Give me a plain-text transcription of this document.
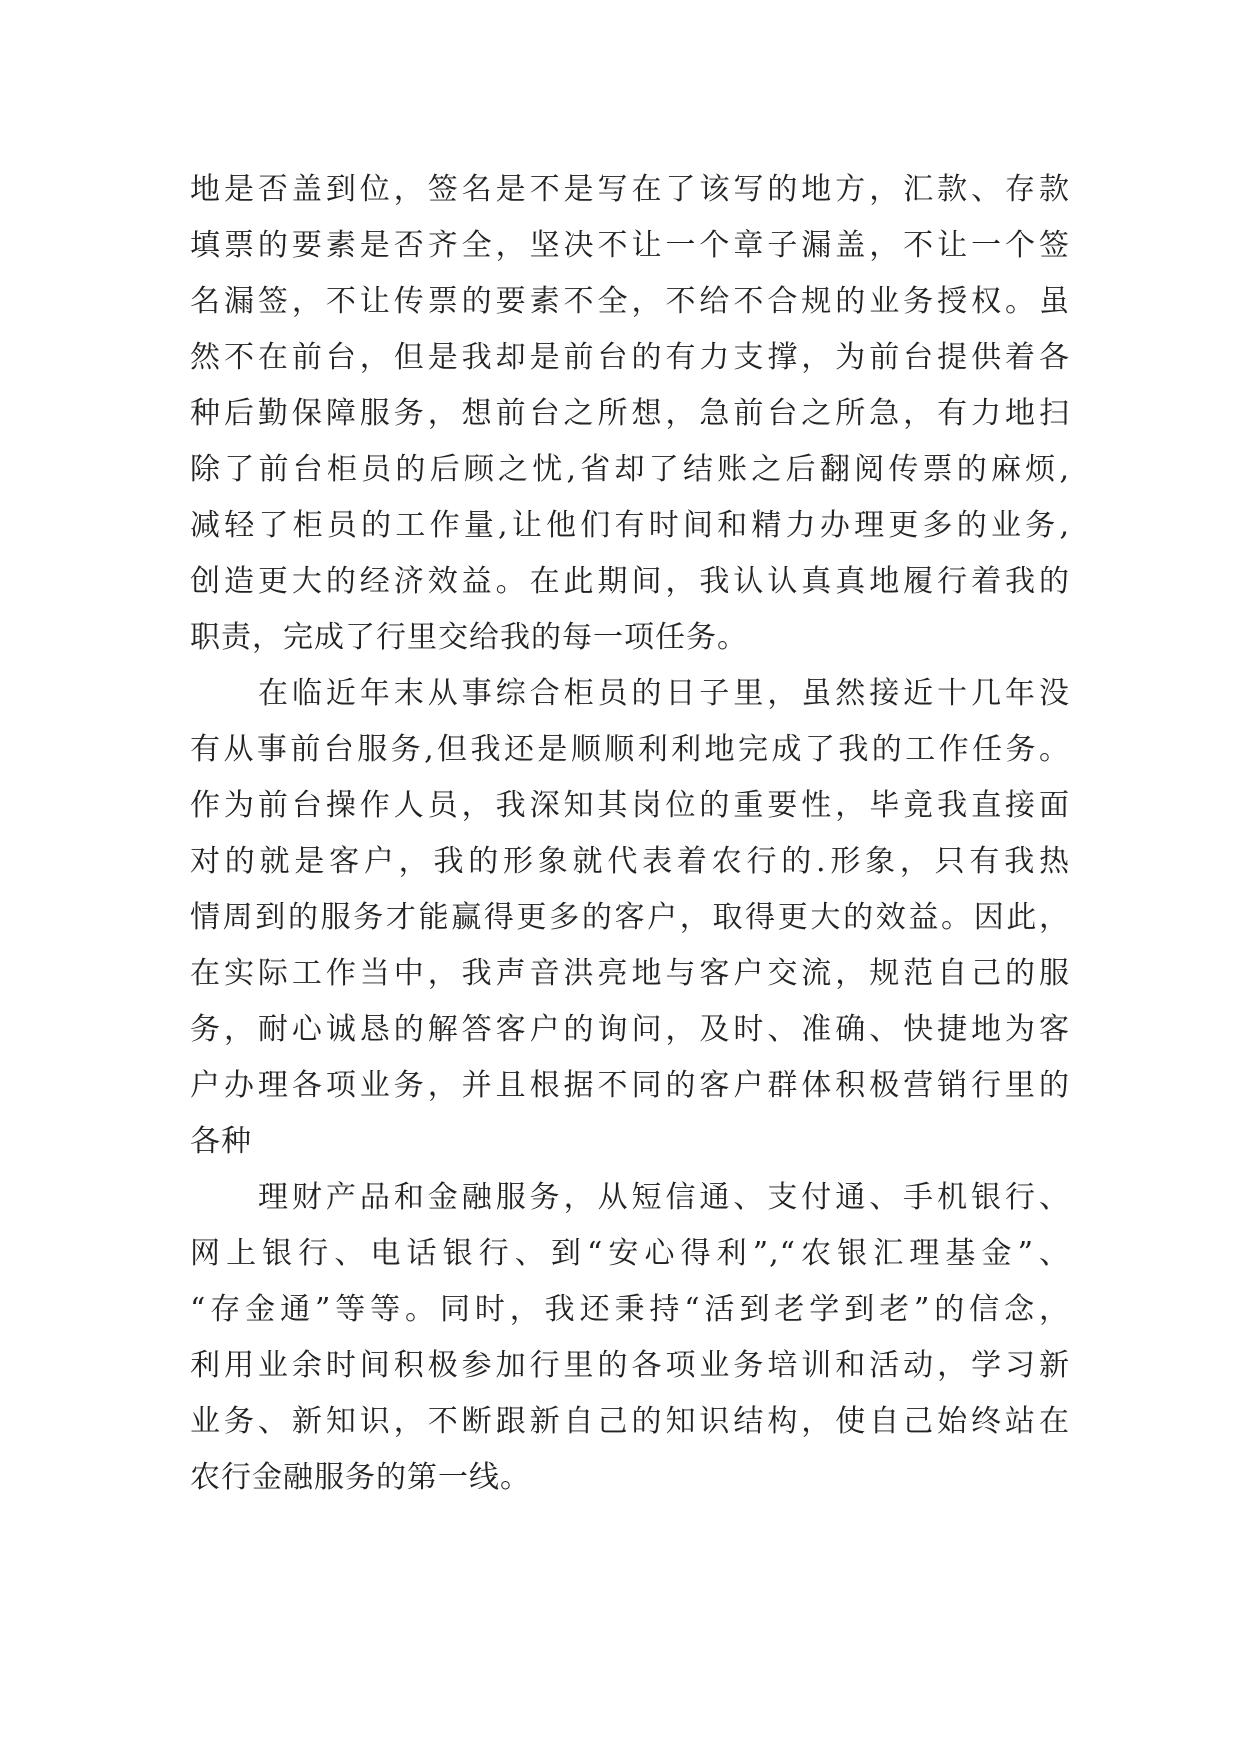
地是否盖到位，签名是不是写在了该写的地方，汇款、存款
填票的要素是否齐全，坚决不让一个章子漏盖，不让一个签
名漏签，不让传票的要素不全，不给不合规的业务授权。虽
然不在前台，但是我却是前台的有力支撑，为前台提供着各
种后勤保障服务，想前台之所想，急前台之所急，有力地扫
除了前台柜员的后顾之忧,省却了结账之后翻阅传票的麻烦,
减轻了柜员的工作量,让他们有时间和精力办理更多的业务,
创造更大的经济效益。在此期间，我认认真真地履行着我的
职责，完成了行里交给我的每一项任务。
在临近年末从事综合柜员的日子里，虽然接近十几年没
有从事前台服务,但我还是顺顺利利地完成了我的工作任务。
作为前台操作人员，我深知其岗位的重要性，毕竟我直接面
对的就是客户，我的形象就代表着农行的.形象，只有我热
情周到的服务才能赢得更多的客户，取得更大的效益。因此，
在实际工作当中，我声音洪亮地与客户交流，规范自己的服
务，耐心诚恳的解答客户的询问，及时、准确、快捷地为客
户办理各项业务，并且根据不同的客户群体积极营销行里的
各种
理财产品和金融服务，从短信通、支付通、手机银行、
网上银行、电话银行、到“安心得利”,“农银汇理基金”、
“存金通”等等。同时，我还秉持“活到老学到老”的信念，
利用业余时间积极参加行里的各项业务培训和活动，学习新
业务、新知识，不断跟新自己的知识结构，使自己始终站在
农行金融服务的第一线。
